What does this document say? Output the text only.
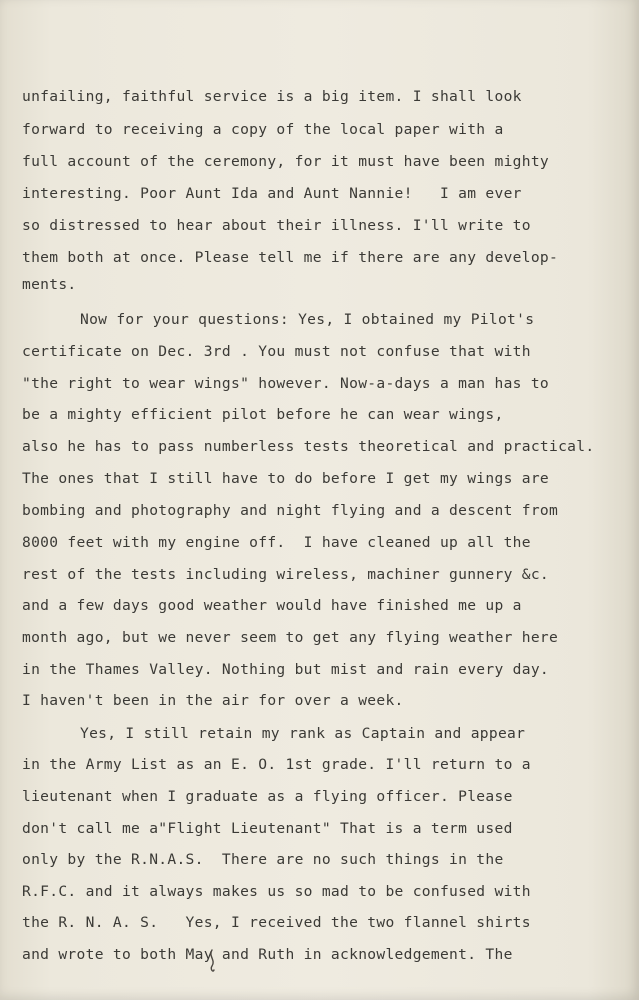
unfailing, faithful service is a big item. I shall look
forward to receiving a copy of the local paper with a
full account of the ceremony, for it must have been mighty
interesting. Poor Aunt Ida and Aunt Nannie!   I am ever
so distressed to hear about their illness. I'll write to
them both at once. Please tell me if there are any develop-
ments.
Now for your questions: Yes, I obtained my Pilot's
certificate on Dec. 3rd . You must not confuse that with
"the right to wear wings" however. Now-a-days a man has to
be a mighty efficient pilot before he can wear wings,
also he has to pass numberless tests theoretical and practical.
The ones that I still have to do before I get my wings are
bombing and photography and night flying and a descent from
8000 feet with my engine off.  I have cleaned up all the
rest of the tests including wireless, machiner gunnery &c.
and a few days good weather would have finished me up a
month ago, but we never seem to get any flying weather here
in the Thames Valley. Nothing but mist and rain every day.
I haven't been in the air for over a week.
Yes, I still retain my rank as Captain and appear
in the Army List as an E. O. 1st grade. I'll return to a
lieutenant when I graduate as a flying officer. Please
don't call me a"Flight Lieutenant" That is a term used
only by the R.N.A.S.  There are no such things in the
R.F.C. and it always makes us so mad to be confused with
the R. N. A. S.   Yes, I received the two flannel shirts
and wrote to both May and Ruth in acknowledgement. The
